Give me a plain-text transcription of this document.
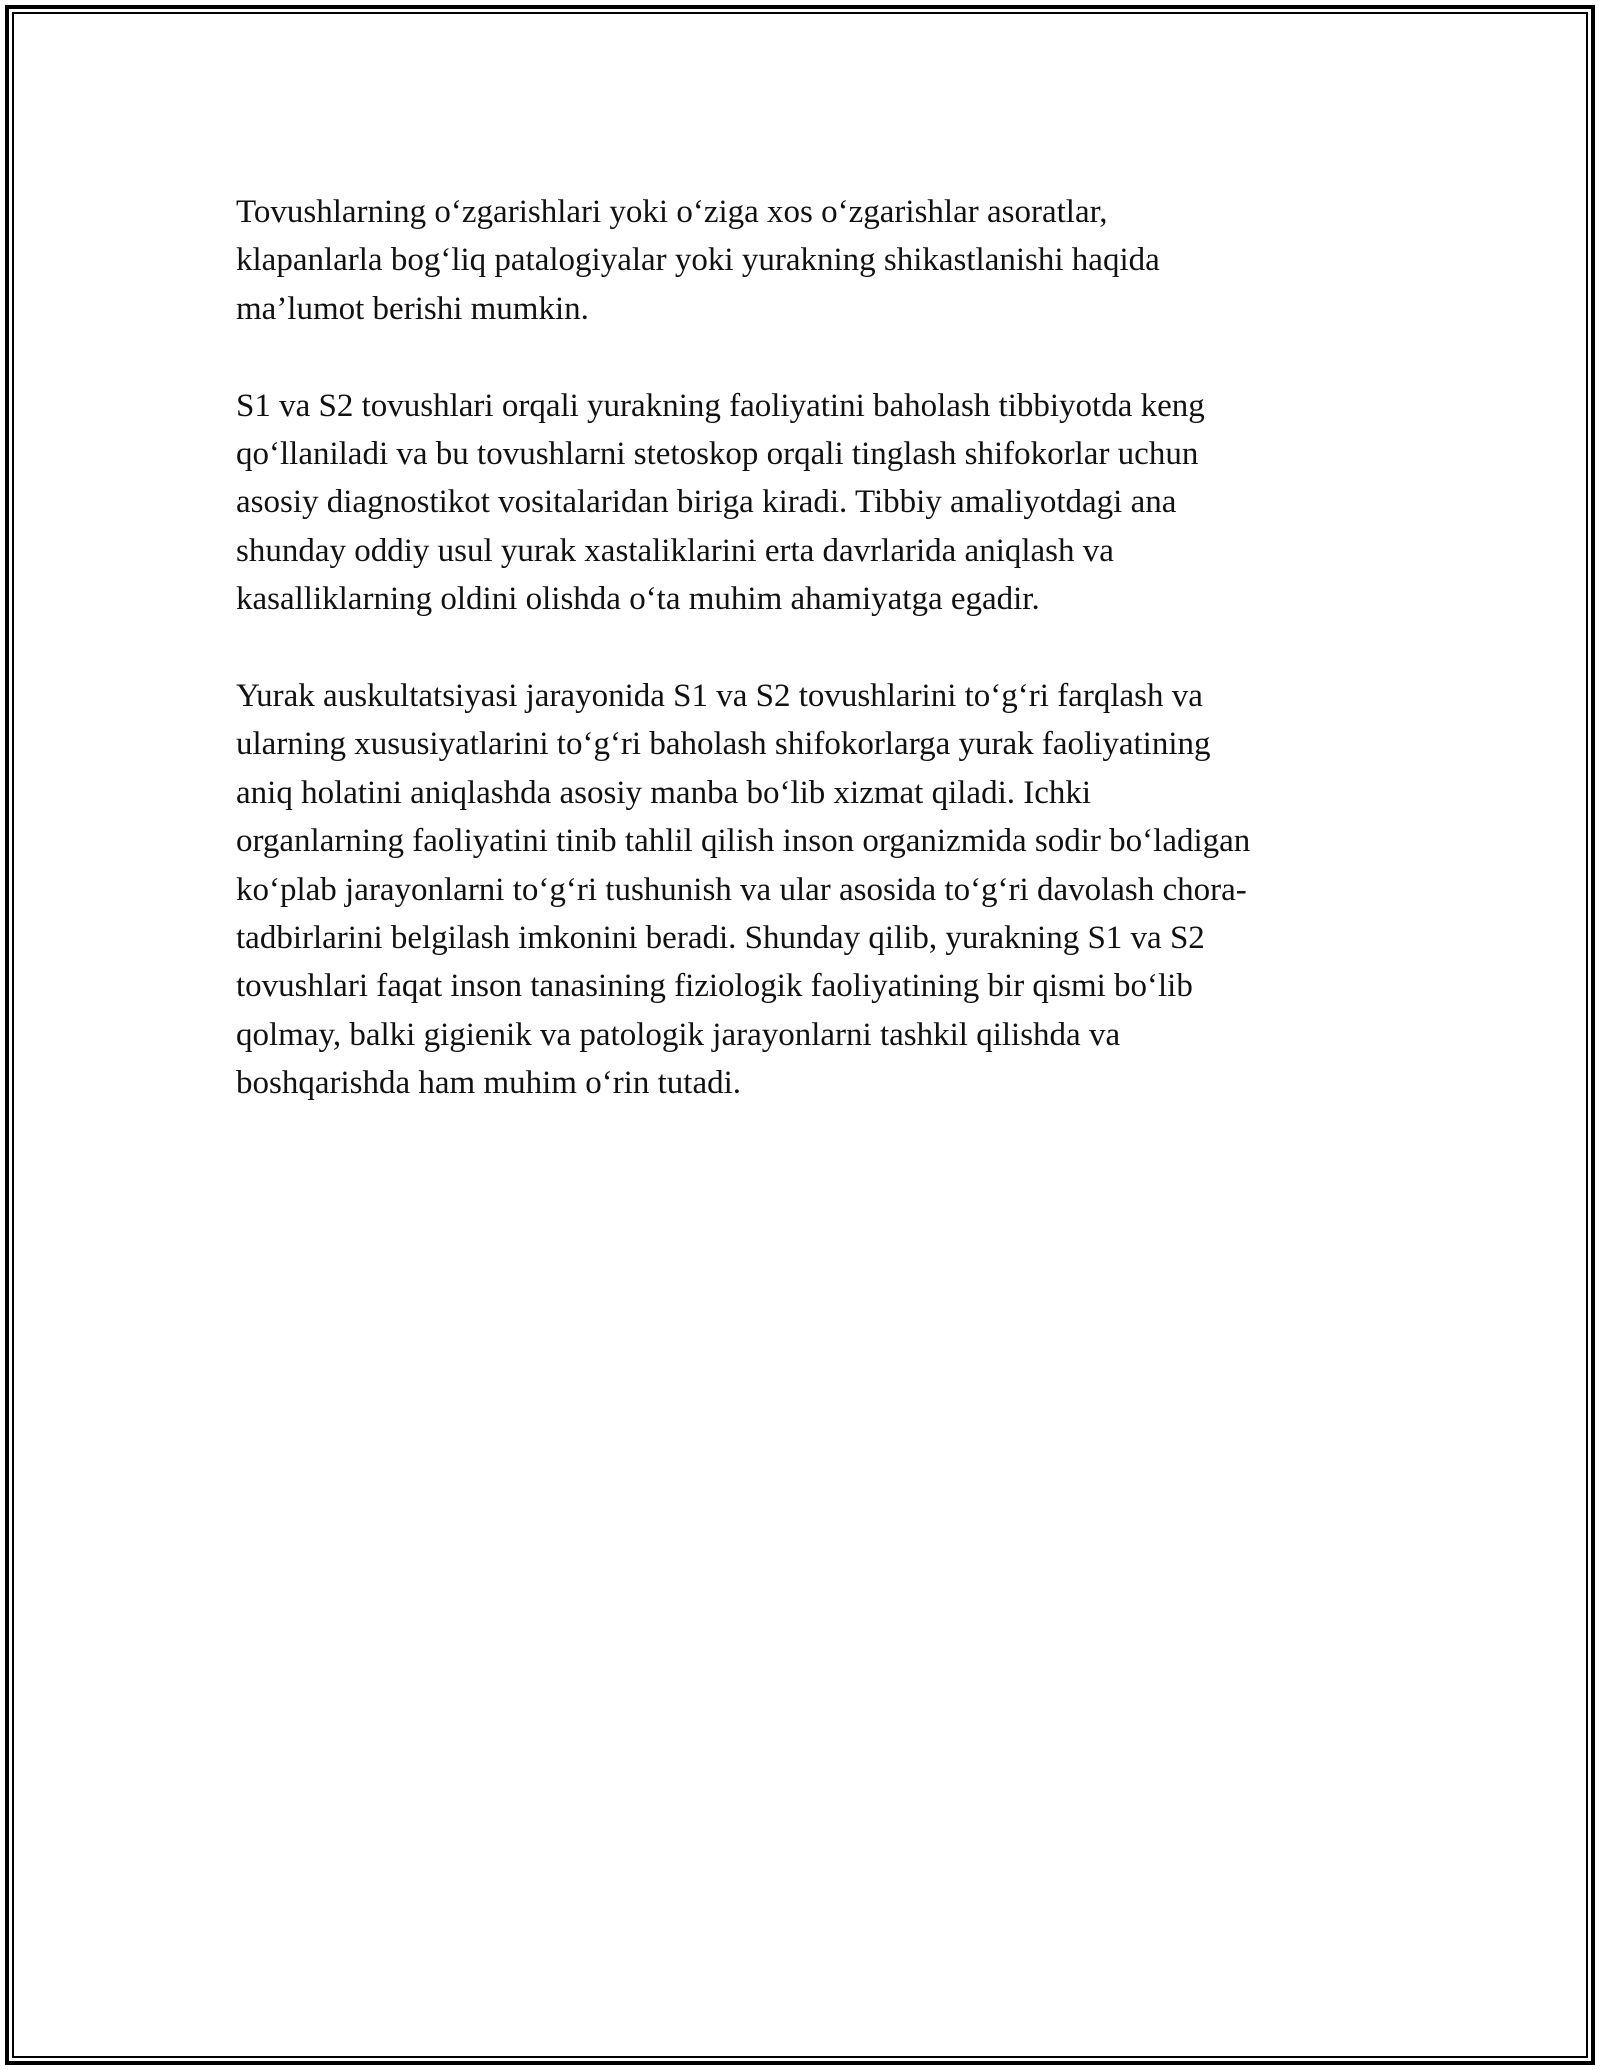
Tovushlarning o‘zgarishlari yoki o‘ziga xos o‘zgarishlar asoratlar,
klapanlarla bog‘liq patalogiyalar yoki yurakning shikastlanishi haqida
ma’lumot berishi mumkin.

S1 va S2 tovushlari orqali yurakning faoliyatini baholash tibbiyotda keng
qo‘llaniladi va bu tovushlarni stetoskop orqali tinglash shifokorlar uchun
asosiy diagnostikot vositalaridan biriga kiradi. Tibbiy amaliyotdagi ana
shunday oddiy usul yurak xastaliklarini erta davrlarida aniqlash va
kasalliklarning oldini olishda o‘ta muhim ahamiyatga egadir.

Yurak auskultatsiyasi jarayonida S1 va S2 tovushlarini to‘g‘ri farqlash va
ularning xususiyatlarini to‘g‘ri baholash shifokorlarga yurak faoliyatining
aniq holatini aniqlashda asosiy manba bo‘lib xizmat qiladi. Ichki
organlarning faoliyatini tinib tahlil qilish inson organizmida sodir bo‘ladigan
ko‘plab jarayonlarni to‘g‘ri tushunish va ular asosida to‘g‘ri davolash chora-
tadbirlarini belgilash imkonini beradi. Shunday qilib, yurakning S1 va S2
tovushlari faqat inson tanasining fiziologik faoliyatining bir qismi bo‘lib
qolmay, balki gigienik va patologik jarayonlarni tashkil qilishda va
boshqarishda ham muhim o‘rin tutadi.
